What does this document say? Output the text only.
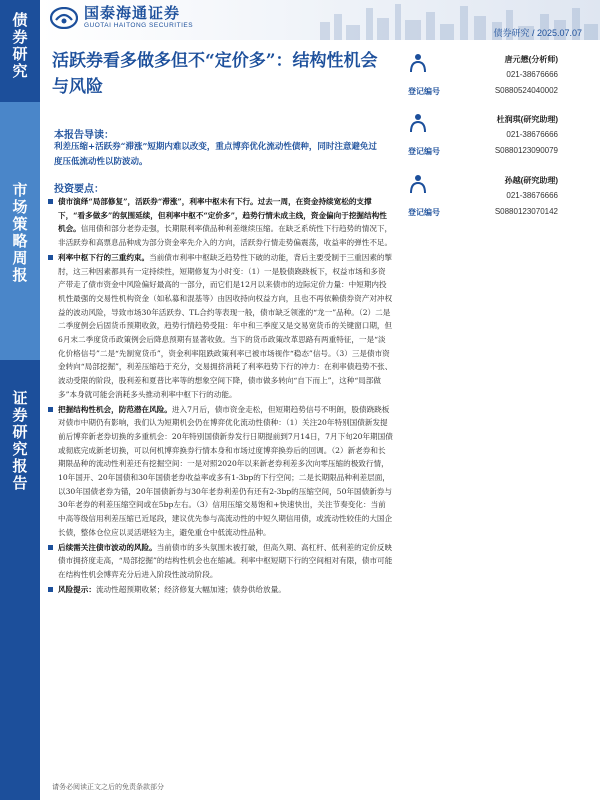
债券研究
市场策略周报
证券研究报告
国泰海通证券
GUOTAI HAITONG SECURITIES
债券研究 / 2025.07.07
活跃券看多做多但不“定价多”：结构性机会与风险
唐元懋(分析师)
021-38676666
登记编号	S0880524040002
杜润琪(研究助理)
021-38676666
登记编号	S0880123090079
孙越(研究助理)
021-38676666
登记编号	S0880123070142
本报告导读：
利差压缩+活跃券“滞涨”短期内难以改变，重点博弈优化流动性债种，同时注意避免过度压低流动性以防波动。
投资要点：
债市演绎“局部修复”，活跃券“滞涨”，利率中枢未有下行。过去一周，在资金持续宽松的支撑下，“看多做多”的氛围延续，但利率中枢不“定价多”，趋势行情未成主线，资金偏向于挖掘结构性机会。信用债和部分老券走强，长期限利率债品种利差继续压缩。在缺乏系统性下行趋势的情况下，非活跃券和高票息品种成为部分资金率先介入的方向，活跃券行情走势偏震荡，收益率的弹性不足。
利率中枢下行的三重约束。当前债市利率中枢缺乏趋势性下破的动能，背后主要受制于三重因素的掣肘，这三种因素都具有一定持续性，短期修复为小时变：（1）一是股债跷跷板下，权益市场和多资产带走了债市资金中风险偏好最高的一部分，而它们是12月以来债市的边际定价力量：中短期内投机性最强的交易性机构资金（如私募和混基等）由因收持向权益方向，且也不再依赖债券资产对冲权益的波动风险，导致市场30年活跃券、TL合约等表现一般，债市缺乏领涨的“龙一”品种。（2）二是二季度例会后固货币预期收敛，趋势行情趋势受阻：年中和三季度又是交易宽货币的关键窗口期，但6月末二季度货币政策例会后降息预期有显著收敛。当下的货币政策改革思路有两重特征，一是“淡化价格信号”二是“先制宽货币”，资金利率阻跌政策利率已被市场视作“稳态”信号。（3）三是债市资金转向“局部挖掘”，利差压缩趋于充分，交易拥挤消耗了利率趋势下行的冲力：在利率债趋势不张、波动受限的阶段，股利差和夏普比率等的想象空间下降，债市做多转向“自下而上”，这种“局部做多”本身就可能会消耗多头推动利率中枢下行的动能。
把握结构性机会，防范潜在风险。进入7月后，债市资金走松，但短期趋势信号不明朗，股债跷跷板对债市中期仍有影响，我们认为短期机会仍在博弈优化流动性债种：（1）关注20年特别国债新发提前后博弈新老券切换的多重机会：20年特别国债新券发行日期提前到7月14日，7月下旬20年期国债或彻底完成新老切换，可以何机博弈换券行情本身和市场过度博弈换券后的回调。（2）新老券和长期限品种的流动性利差还有挖掘空间：一是对照2020年以来新老券利差多次向零压缩的极致行情，10年国开、20年国债和30年国债老券收益率或多有1-3bp的下行空间；二是长期限品种利差层面，以30年国债老券为锚，20年国债新券与30年老券利差仍有还有2-3bp的压缩空间，50年国债新券与30年老券的利差压缩空间或在5bp左右。（3）信用压缩交易饱和+快速快出，关注节奏变化：当前中高等级信用利差压缩已近尾段，建议优先参与高流动性的中短久期信用债，或流动性较佳的大国企长债，整体仓位应以灵活堪轻为主，避免重仓中低流动性品种。
后续需关注债市波动的风险。当前债市的多头氛围未被打破，但高久期、高杠杆、低利差的定价反映债市拥挤度走高，“局部挖掘”的结构性机会也在缩减。利率中枢短期下行的空间相对有限，债市可能在结构性机会博弈充分后进入阶段性波动阶段。
风险提示：流动性超预期收紧；经济修复大幅加速；债券供给放量。
请务必阅读正文之后的免责条款部分
